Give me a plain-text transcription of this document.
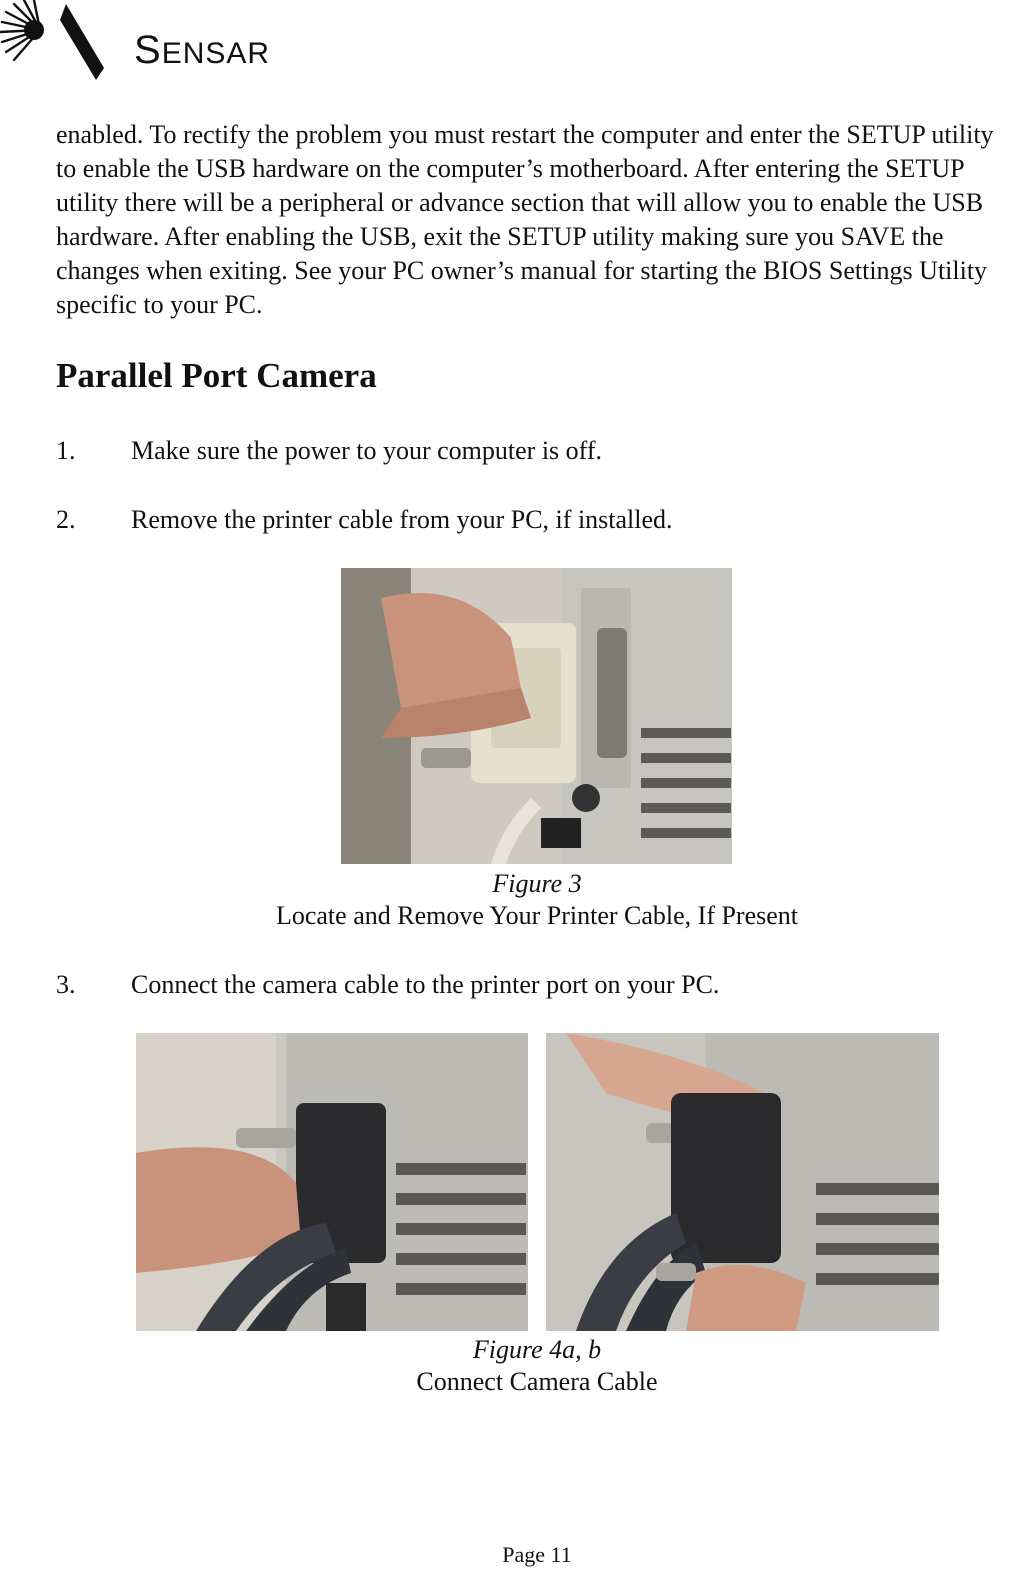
SENSAR

enabled. To rectify the problem you must restart the computer and enter the SETUP utility to enable the USB hardware on the computer’s motherboard. After entering the SETUP utility there will be a peripheral or advance section that will allow you to enable the USB hardware. After enabling the USB, exit the SETUP utility making sure you SAVE the changes when exiting. See your PC owner’s manual for starting the BIOS Settings Utility specific to your PC.

Parallel Port Camera
1. Make sure the power to your computer is off.
2. Remove the printer cable from your PC, if installed.
Figure 3
Locate and Remove Your Printer Cable, If Present
3. Connect the camera cable to the printer port on your PC.
Figure 4a, b
Connect Camera Cable
Page 11
